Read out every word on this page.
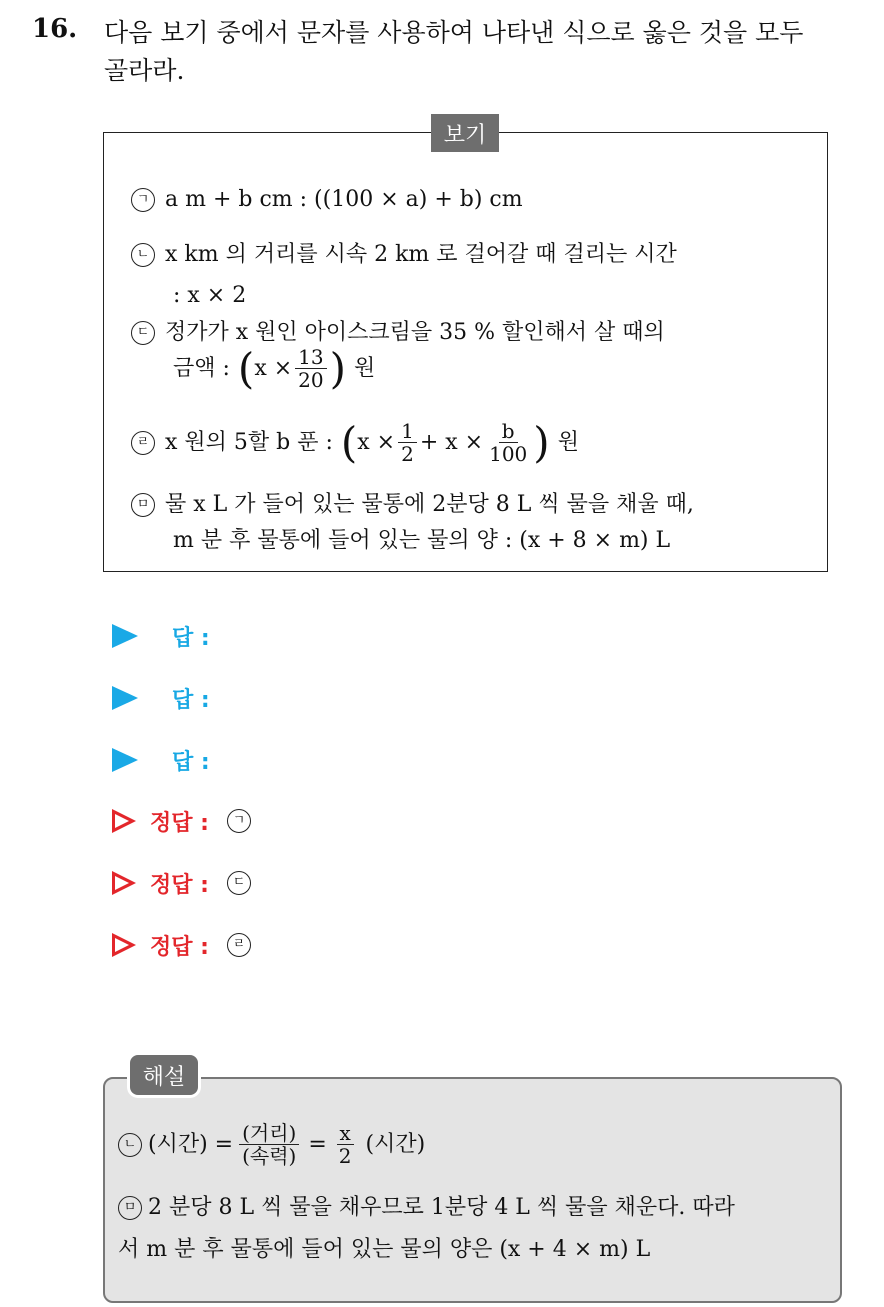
16. 다음 보기 중에서 문자를 사용하여 나타낸 식으로 옳은 것을 모두
골라라.
보기
ㄱ a m + b cm : ((100 × a) + b) cm
ㄴ x km 의 거리를 시속 2 km 로 걸어갈 때 걸리는 시간
: x × 2
ㄷ 정가가 x 원인 아이스크림을 35 % 할인해서 살 때의
금액 : ( $x \times \frac{13}{20}$ ) 원
ㄹ x 원의 5할 b 푼 : ( $x \times \frac{1}{2} + x \times \frac{b}{100}$ ) 원
ㅁ 물 x L 가 들어 있는 물통에 2분당 8 L 씩 물을 채울 때,
m 분 후 물통에 들어 있는 물의 양 : (x + 8 × m) L
답 :
답 :
답 :
정답 :	ㄱ
정답 :	ㄷ
정답 :	ㄹ
해설
ㄴ (시간) = $\frac{\text{(거리)}}{\text{(속력)}} = \frac{x}{2}$ (시간)
ㅁ 2 분당 8 L 씩 물을 채우므로 1분당 4 L 씩 물을 채운다. 따라
서 m 분 후 물통에 들어 있는 물의 양은 (x + 4 × m) L
